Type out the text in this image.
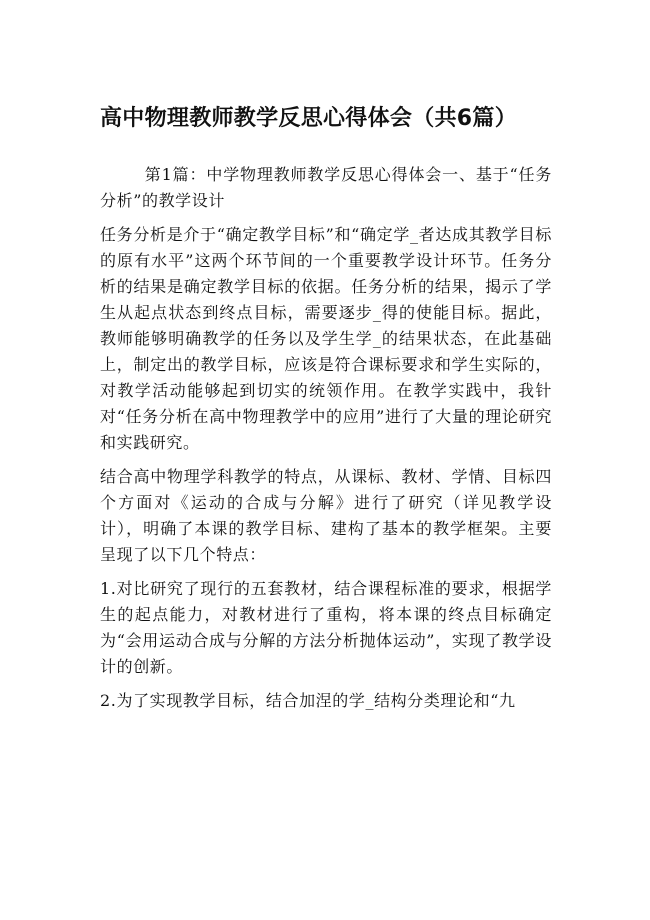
高中物理教师教学反思心得体会（共6篇）

第1篇：中学物理教师教学反思心得体会一、基于“任务分析”的教学设计

任务分析是介于“确定教学目标”和“确定学_者达成其教学目标的原有水平”这两个环节间的一个重要教学设计环节。任务分析的结果是确定教学目标的依据。任务分析的结果，揭示了学生从起点状态到终点目标，需要逐步_得的使能目标。据此，教师能够明确教学的任务以及学生学_的结果状态，在此基础上，制定出的教学目标，应该是符合课标要求和学生实际的，对教学活动能够起到切实的统领作用。在教学实践中，我针对“任务分析在高中物理教学中的应用”进行了大量的理论研究和实践研究。

结合高中物理学科教学的特点，从课标、教材、学情、目标四个方面对《运动的合成与分解》进行了研究（详见教学设计），明确了本课的教学目标、建构了基本的教学框架。主要呈现了以下几个特点：

1.对比研究了现行的五套教材，结合课程标准的要求，根据学生的起点能力，对教材进行了重构，将本课的终点目标确定为“会用运动合成与分解的方法分析抛体运动”，实现了教学设计的创新。

2.为了实现教学目标，结合加涅的学_结构分类理论和“九
